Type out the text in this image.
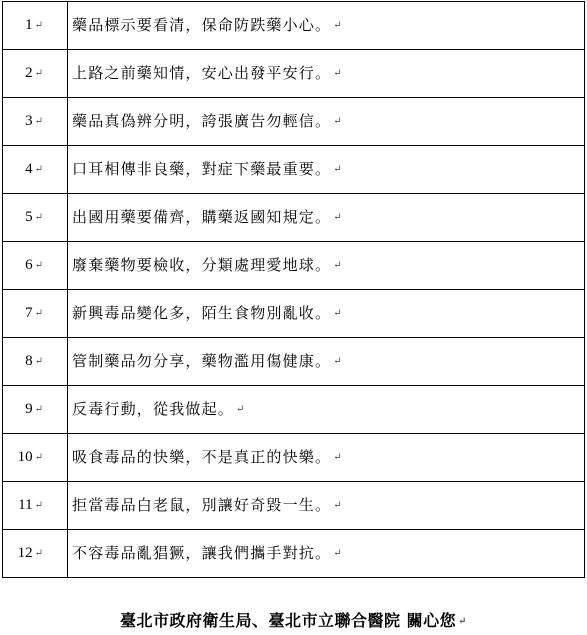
1 ↵	藥品標示要看清，保命防跌藥小心。 ↵
2 ↵	上路之前藥知情，安心出發平安行。 ↵
3 ↵	藥品真偽辨分明，誇張廣告勿輕信。 ↵
4 ↵	口耳相傳非良藥，對症下藥最重要。 ↵
5 ↵	出國用藥要備齊，購藥返國知規定。 ↵
6 ↵	廢棄藥物要檢收，分類處理愛地球。 ↵
7 ↵	新興毒品變化多，陌生食物別亂收。 ↵
8 ↵	管制藥品勿分享，藥物濫用傷健康。 ↵
9 ↵	反毒行動，從我做起。 ↵
10 ↵	吸食毒品的快樂，不是真正的快樂。 ↵
11 ↵	拒當毒品白老鼠，別讓好奇毀一生。 ↵
12 ↵	不容毒品亂猖獗，讓我們攜手對抗。 ↵
臺北市政府衛生局、臺北市立聯合醫院 關心您 ↵
